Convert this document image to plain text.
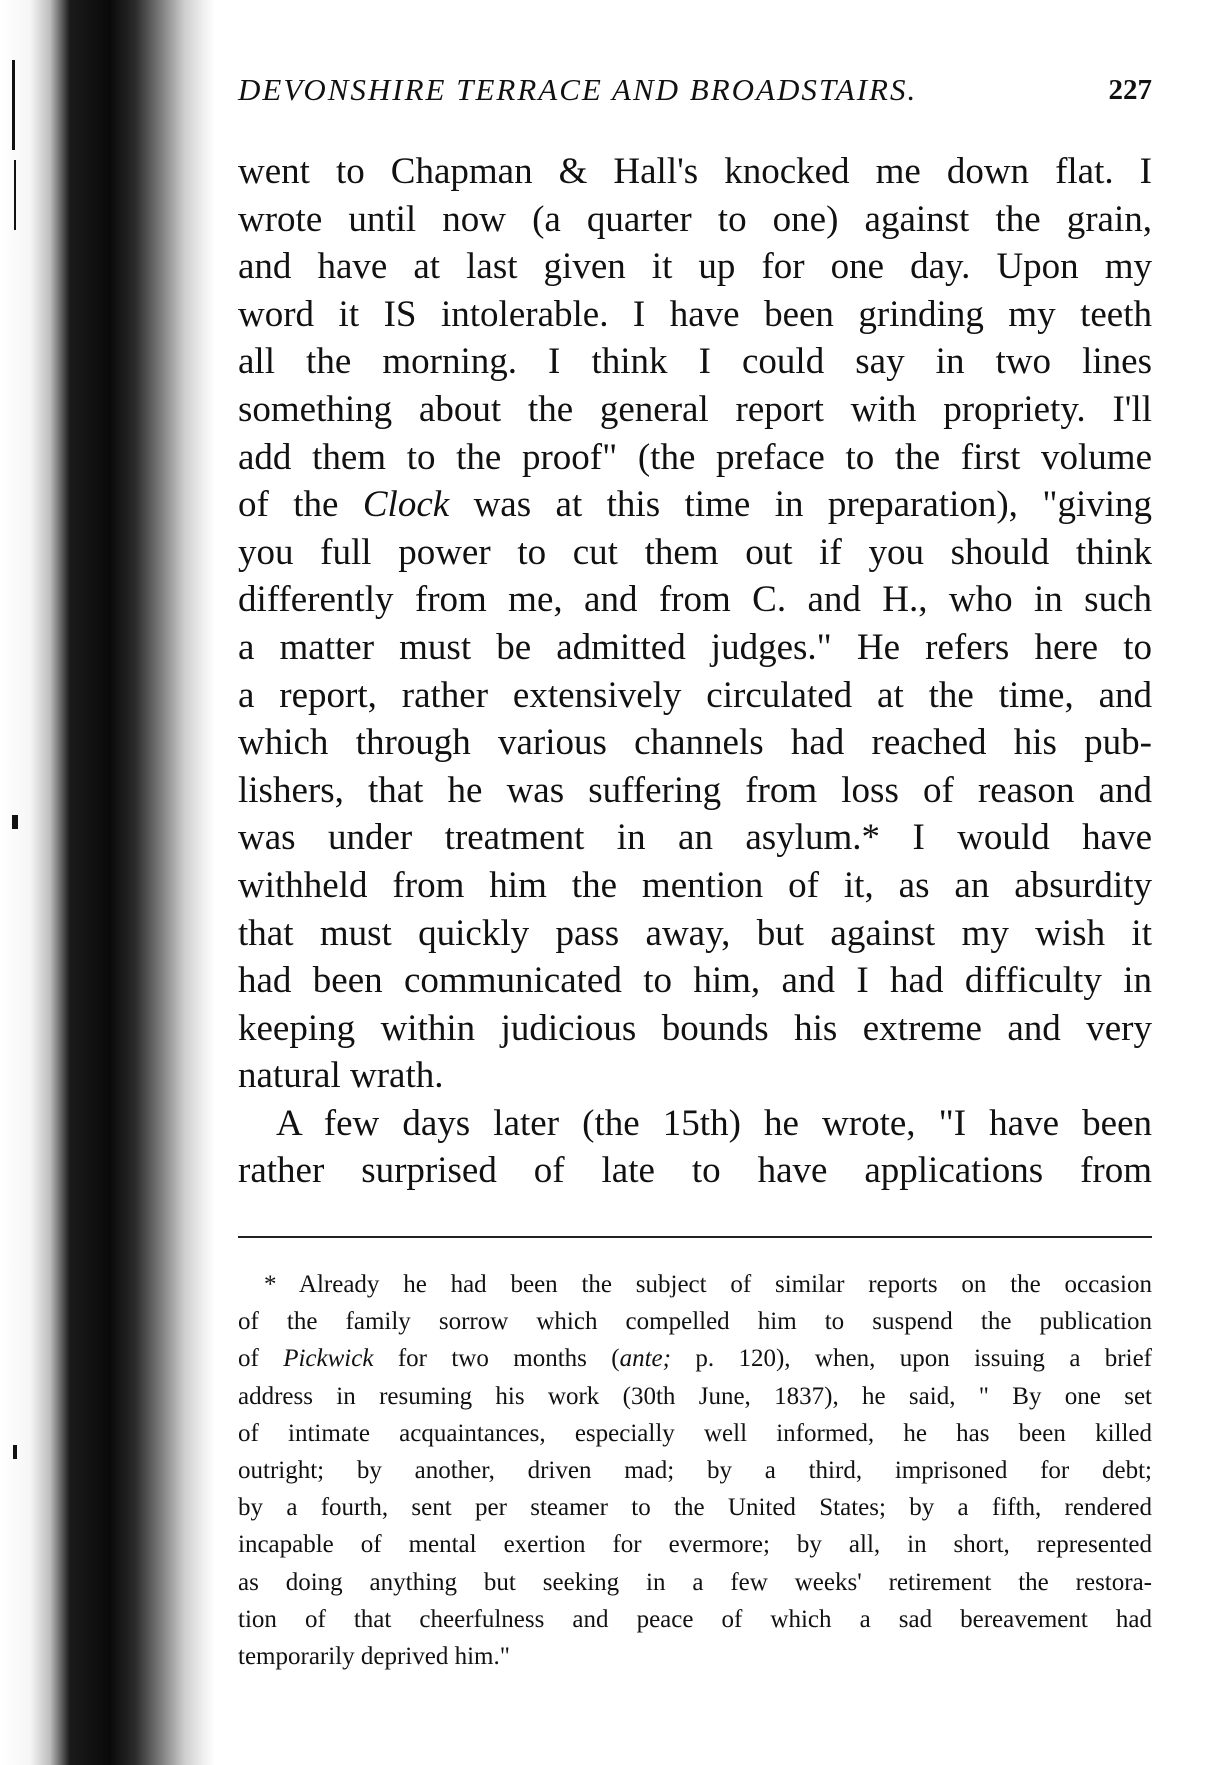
DEVONSHIRE TERRACE AND BROADSTAIRS.	227
went to Chapman & Hall's knocked me down flat. I
wrote until now (a quarter to one) against the grain,
and have at last given it up for one day. Upon my
word it IS intolerable. I have been grinding my teeth
all the morning. I think I could say in two lines
something about the general report with propriety. I'll
add them to the proof" (the preface to the first volume
of the Clock was at this time in preparation), "giving
you full power to cut them out if you should think
differently from me, and from C. and H., who in such
a matter must be admitted judges." He refers here to
a report, rather extensively circulated at the time, and
which through various channels had reached his pub-
lishers, that he was suffering from loss of reason and
was under treatment in an asylum.* I would have
withheld from him the mention of it, as an absurdity
that must quickly pass away, but against my wish it
had been communicated to him, and I had difficulty in
keeping within judicious bounds his extreme and very
natural wrath.
A few days later (the 15th) he wrote, "I have been
rather surprised of late to have applications from
* Already he had been the subject of similar reports on the occasion
of the family sorrow which compelled him to suspend the publication
of Pickwick for two months (ante; p. 120), when, upon issuing a brief
address in resuming his work (30th June, 1837), he said, " By one set
of intimate acquaintances, especially well informed, he has been killed
outright; by another, driven mad; by a third, imprisoned for debt;
by a fourth, sent per steamer to the United States; by a fifth, rendered
incapable of mental exertion for evermore; by all, in short, represented
as doing anything but seeking in a few weeks' retirement the restora-
tion of that cheerfulness and peace of which a sad bereavement had
temporarily deprived him."
